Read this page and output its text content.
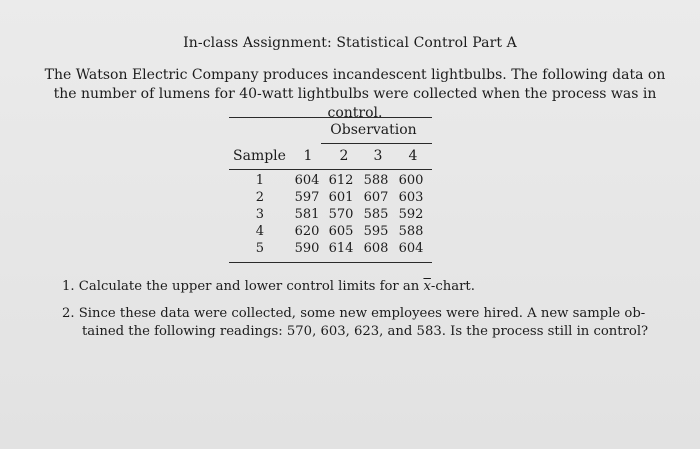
In-class Assignment: Statistical Control Part A
The Watson Electric Company produces incandescent lightbulbs. The following data on
the number of lumens for 40-watt lightbulbs were collected when the process was in control.
Observation
Sample	1	2	3	4
1 604 612 588 600
2 597 601 607 603
3 581 570 585 592
4 620 605 595 588
5 590 614 608 604
1. Calculate the upper and lower control limits for an $\overline{x}$-chart.
2. Since these data were collected, some new employees were hired. A new sample ob-
tained the following readings: 570, 603, 623, and 583. Is the process still in control?
